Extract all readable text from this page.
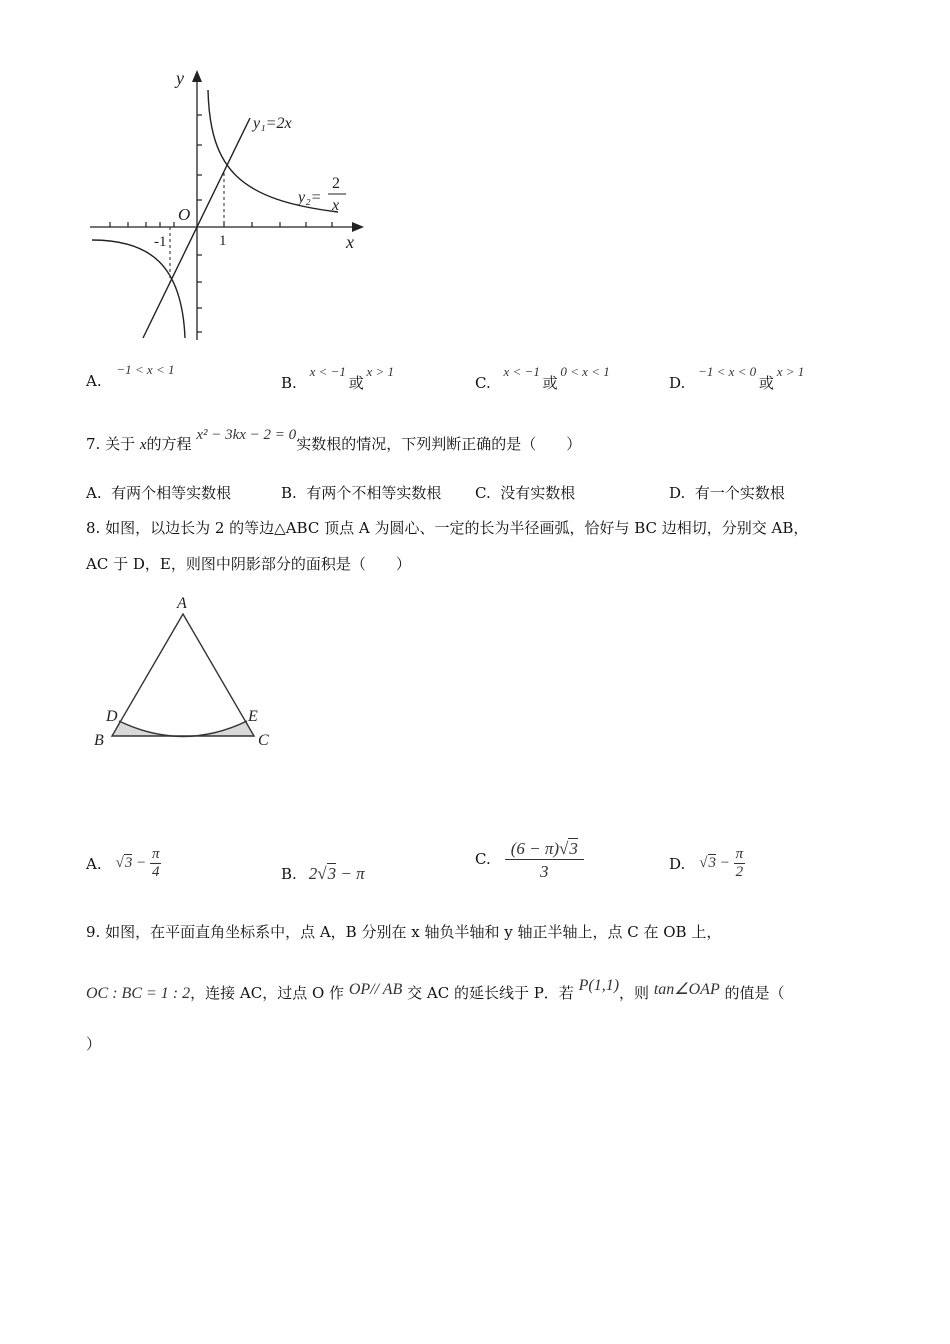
y
x
O
1
-1
y₁=2x
y₂=
2
x
A. −1 < x < 1
B. x < −1 或 x > 1
C. x < −1 或 0 < x < 1
D. −1 < x < 0 或 x > 1
7. 关于 x的方程 x² − 3kx − 2 = 0实数根的情况，下列判断正确的是（　　）
A. 有两个相等实数根	B. 有两个不相等实数根 C. 没有实数根	D. 有一个实数根
8. 如图，以边长为 2 的等边△ABC 顶点 A 为圆心、一定的长为半径画弧，恰好与 BC 边相切，分别交 AB，
AC 于 D，E，则图中阴影部分的面积是（　　）
A
B	C
D	E
A. $√3 - \frac{\pi}{4}$	B. 2√3 − π
C. $\frac{(6 - \pi)√3}{3}$	D. $√3 - \frac{\pi}{2}$
9. 如图，在平面直角坐标系中，点 A，B 分别在 x 轴负半轴和 y 轴正半轴上，点 C 在 OB 上，
OC : BC = 1 : 2，连接 AC，过点 O 作 OP// AB 交 AC 的延长线于 P．若 P(1,1)，则 tan∠OAP 的值是（
）
